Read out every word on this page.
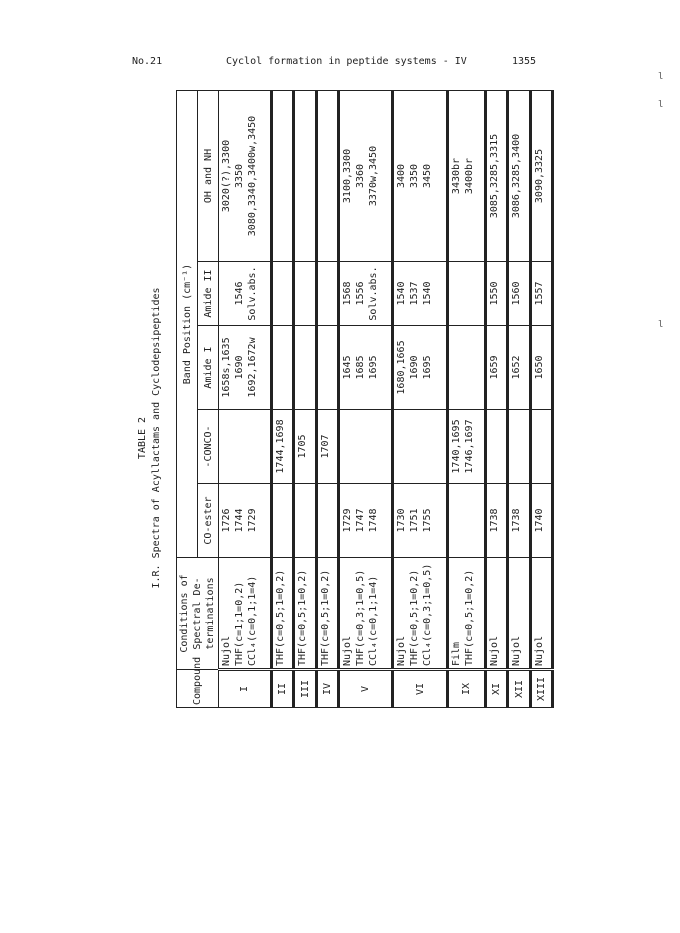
No.21	Cyclol formation in peptide systems - IV	1355
l
l
l
TABLE 2 I.R. Spectra of Acyllactams and Cyclodepsipeptides
Compound	Conditions of Spectral De- terminations	Band Position (cm⁻¹)				
		CO-ester	-CONCO-	Amide I	Amide II	OH and NH
I	Nujol THF(c=1;1=0,2) CCl₄(c=0,1;1=4)	1726 1744 1729		1658s,1635 1690 1692,1672w	1546 Solv.abs.	3020(?),3300 3350 3080,3340,3400w,3450

II	THF(c=0,5;1=0,2)		1744,1698			

III	THF(c=0,5;1=0,2)		1705			

IV	THF(c=0,5;1=0,2)		1707			

V	Nujol THF(c=0,3;1=0,5) CCl₄(c=0,1;1=4)	1729 1747 1748		1645 1685 1695	1568 1556 Solv.abs.	3100,3300 3360 3370w,3450

VI	Nujol THF(c=0,5;1=0,2) CCl₄(c=0,3;1=0,5)	1730 1751 1755		1680,1665 1690 1695	1540 1537 1540	3400 3350 3450

IX	Film THF(c=0,5;1=0,2)		1740,1695 1746,1697			3430br 3400br

XI	Nujol	1738		1659	1550	3085,3285,3315

XII	Nujol	1738		1652	1560	3086,3285,3400

XIII	Nujol	1740		1650	1557	3090,3325
